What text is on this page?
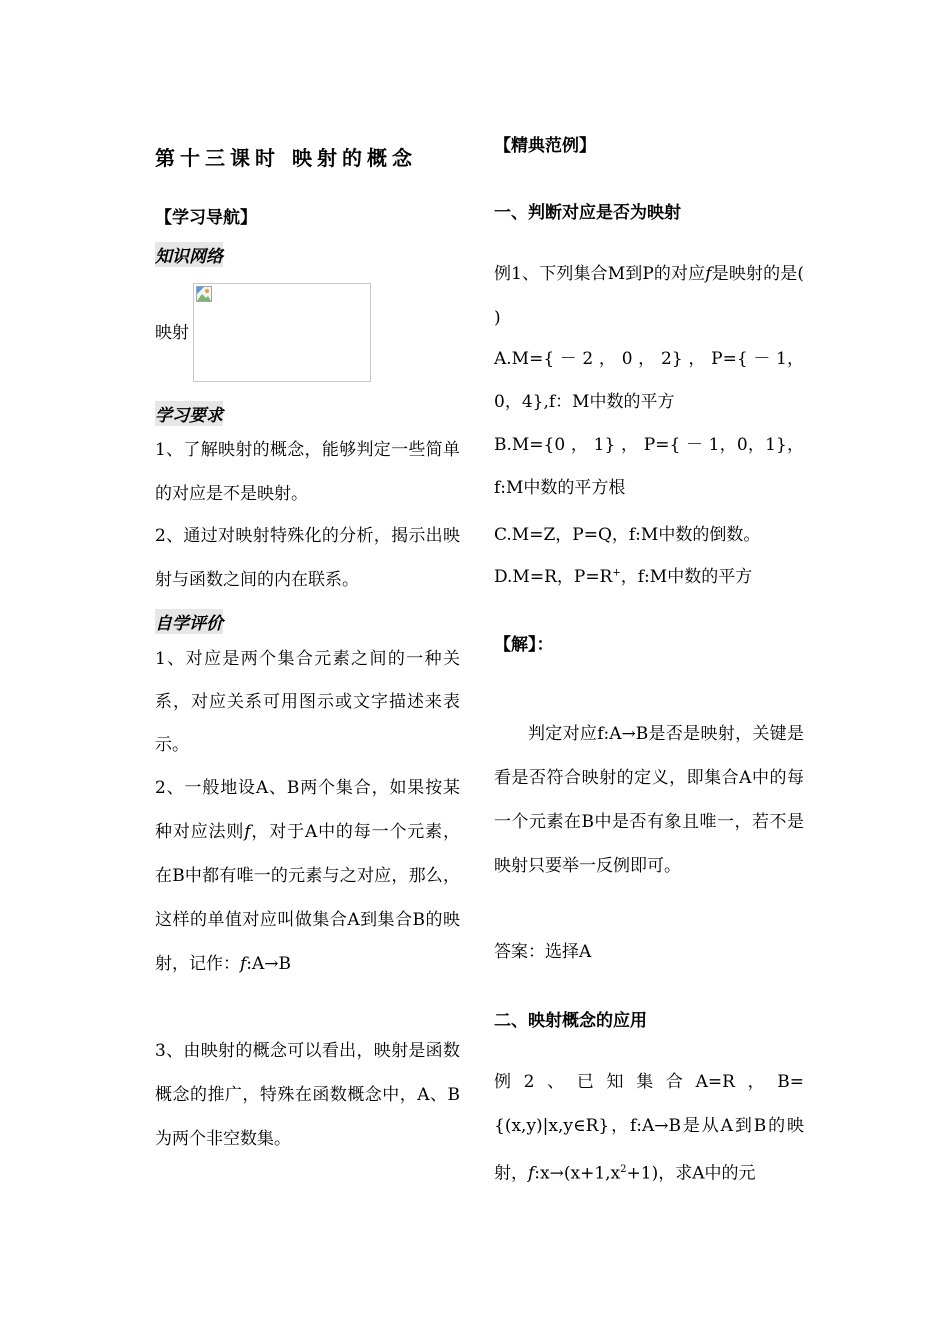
第十三课时 映射的概念
【学习导航】
知识网络
映射
学习要求
1、了解映射的概念，能够判定一些简单的对应是不是映射。
2、通过对映射特殊化的分析，揭示出映射与函数之间的内在联系。
自学评价
1、对应是两个集合元素之间的一种关系，对应关系可用图示或文字描述来表示。
2、一般地设A、B两个集合，如果按某种对应法则f，对于A中的每一个元素，在B中都有唯一的元素与之对应，那么，这样的单值对应叫做集合A到集合B的映射，记作：f:A→B
3、由映射的概念可以看出，映射是函数概念的推广，特殊在函数概念中，A、B为两个非空数集。
【精典范例】
一、判断对应是否为映射
例1、下列集合M到P的对应f是映射的是( )
A.M={ － 2 ， 0 ， 2} ， P={ － 1，0，4},f：M中数的平方
B.M={0 ， 1} ， P={ － 1，0，1}，f:M中数的平方根
C.M=Z，P=Q，f:M中数的倒数。
D.M=R，P=R+，f:M中数的平方
【解】：
判定对应f:A→B是否是映射，关键是看是否符合映射的定义，即集合A中的每一个元素在B中是否有象且唯一，若不是映射只要举一反例即可。
答案：选择A
二、映射概念的应用
例2、已知集合A=R，B={(x,y)|x,y∈R}，f:A→B是从A到B的映射，$f:x\to(x+1,x^2+1)$，求A中的元
